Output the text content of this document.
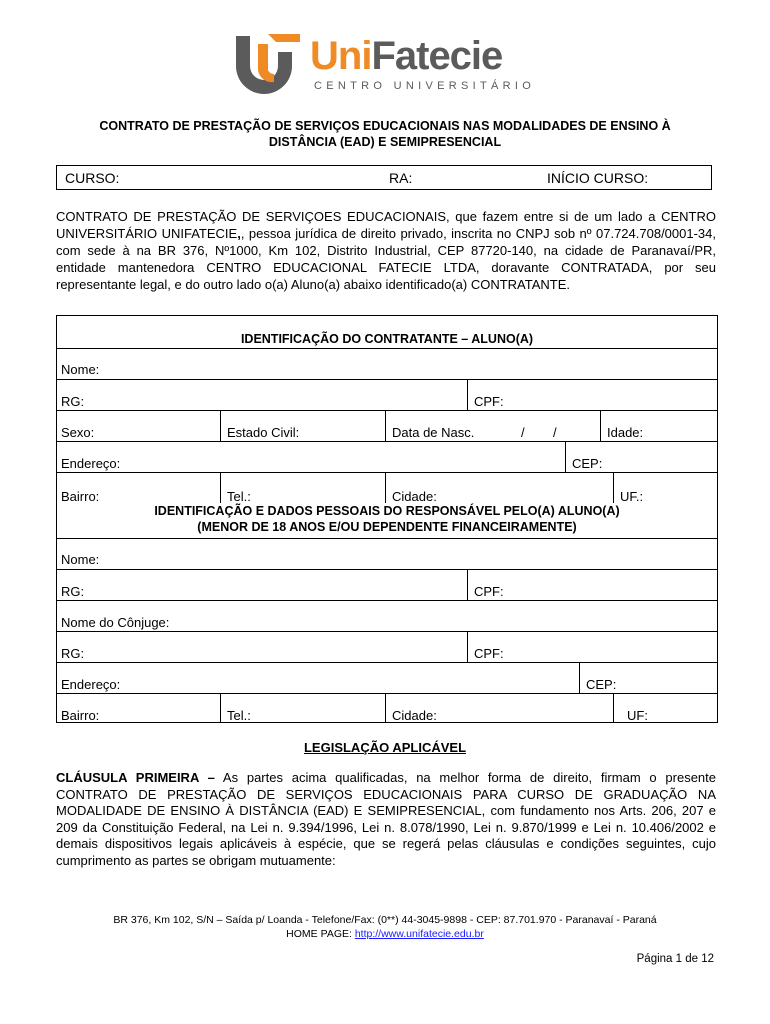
UniFatecie
CENTRO UNIVERSITÁRIO
CONTRATO DE PRESTAÇÃO DE SERVIÇOS EDUCACIONAIS NAS MODALIDADES DE ENSINO À
DISTÂNCIA (EAD) E SEMIPRESENCIAL
CURSO:	RA:	INÍCIO CURSO:
CONTRATO DE PRESTAÇÃO DE SERVIÇOES EDUCACIONAIS, que fazem entre si de um lado a CENTRO UNIVERSITÁRIO UNIFATECIE,, pessoa jurídica de direito privado, inscrita no CNPJ sob nº 07.724.708/0001-34, com sede à na BR 376, Nº1000, Km 102, Distrito Industrial, CEP 87720-140, na cidade de Paranavaí/PR, entidade mantenedora CENTRO EDUCACIONAL FATECIE LTDA, doravante CONTRATADA, por seu representante legal, e do outro lado o(a) Aluno(a) abaixo identificado(a) CONTRATANTE.
IDENTIFICAÇÃO DO CONTRATANTE – ALUNO(A)
Nome:
RG:	CPF:
Sexo:	Estado Civil:	Data de Nasc.	/ /	Idade:
Endereço:	CEP:
Bairro:	Tel.:	Cidade:	UF.:
IDENTIFICAÇÃO E DADOS PESSOAIS DO RESPONSÁVEL PELO(A) ALUNO(A)
(MENOR DE 18 ANOS E/OU DEPENDENTE FINANCEIRAMENTE)
Nome:
RG:	CPF:
Nome do Cônjuge:
RG:	CPF:
Endereço:	CEP:
Bairro:	Tel.:	Cidade:	UF:
LEGISLAÇÃO APLICÁVEL
CLÁUSULA PRIMEIRA – As partes acima qualificadas, na melhor forma de direito, firmam o presente CONTRATO DE PRESTAÇÃO DE SERVIÇOS EDUCACIONAIS PARA CURSO DE GRADUAÇÃO NA MODALIDADE DE ENSINO À DISTÂNCIA (EAD) E SEMIPRESENCIAL, com fundamento nos Arts. 206, 207 e 209 da Constituição Federal, na Lei n. 9.394/1996, Lei n. 8.078/1990, Lei n. 9.870/1999 e Lei n. 10.406/2002 e demais dispositivos legais aplicáveis à espécie, que se regerá pelas cláusulas e condições seguintes, cujo cumprimento as partes se obrigam mutuamente:
BR 376, Km 102, S/N – Saída p/ Loanda - Telefone/Fax: (0**) 44-3045-9898 - CEP: 87.701.970 - Paranavaí - Paraná
HOME PAGE: http://www.unifatecie.edu.br
Página 1 de 12
